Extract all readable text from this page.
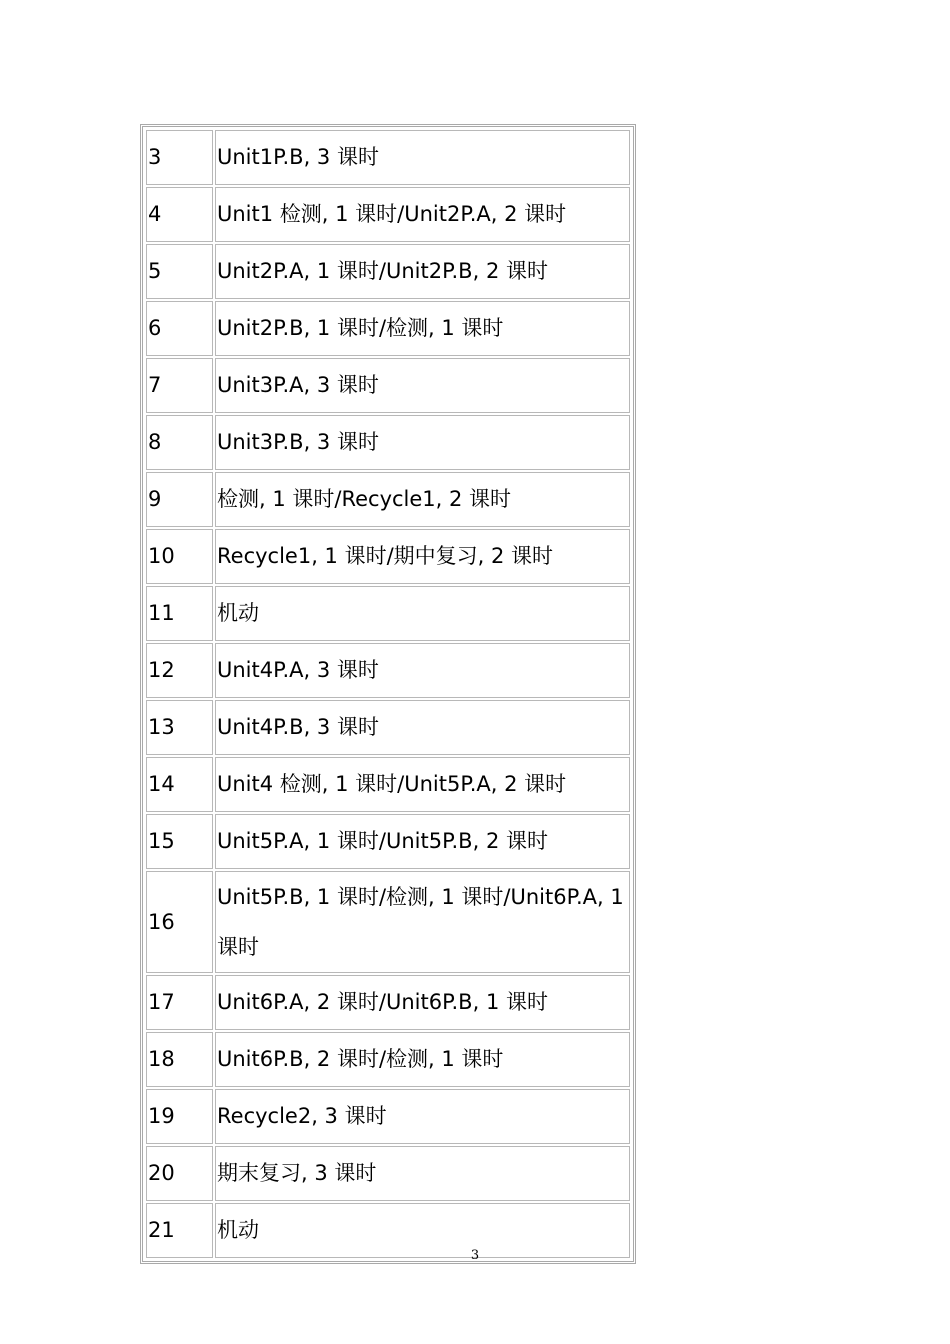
3	Unit1P.B, 3 课时
4	Unit1 检测, 1 课时/Unit2P.A, 2 课时
5	Unit2P.A, 1 课时/Unit2P.B, 2 课时
6	Unit2P.B, 1 课时/检测, 1 课时
7	Unit3P.A, 3 课时
8	Unit3P.B, 3 课时
9	检测, 1 课时/Recycle1, 2 课时
10	Recycle1, 1 课时/期中复习, 2 课时
11	机动
12	Unit4P.A, 3 课时
13	Unit4P.B, 3 课时
14	Unit4 检测, 1 课时/Unit5P.A, 2 课时
15	Unit5P.A, 1 课时/Unit5P.B, 2 课时
16	Unit5P.B, 1 课时/检测, 1 课时/Unit6P.A, 1 课时
17	Unit6P.A, 2 课时/Unit6P.B, 1 课时
18	Unit6P.B, 2 课时/检测, 1 课时
19	Recycle2, 3 课时
20	期末复习, 3 课时
21	机动
3
